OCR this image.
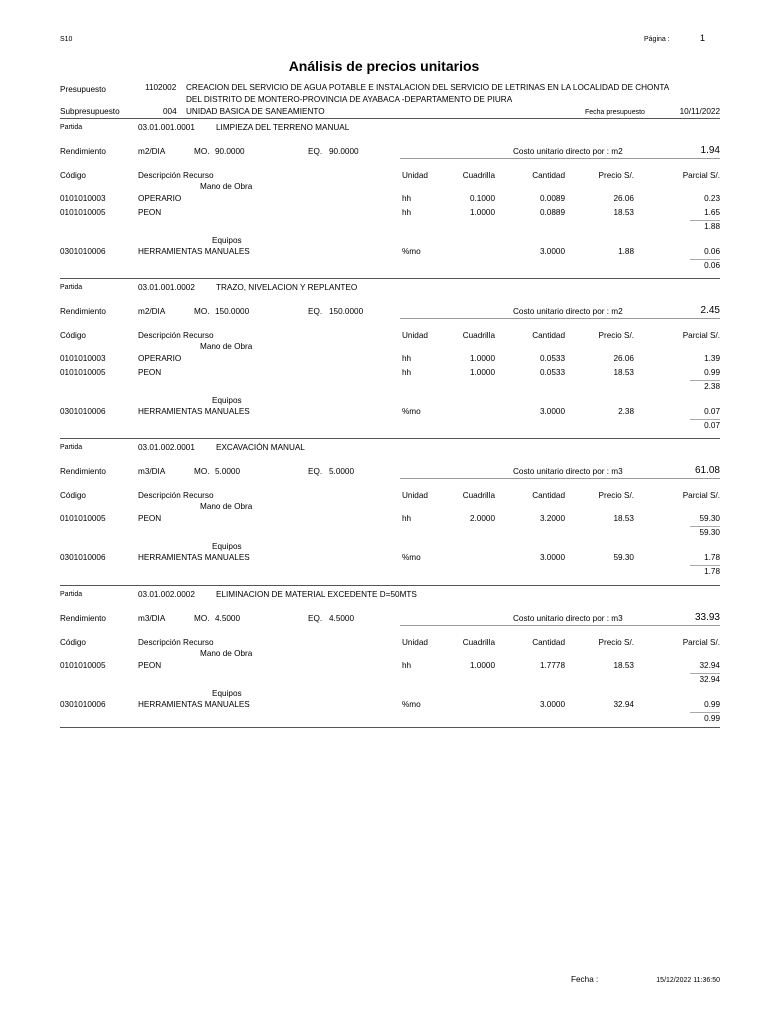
S10	Página :	1
Análisis de precios unitarios
Presupuesto	1102002 CREACION DEL SERVICIO DE AGUA POTABLE E INSTALACION DEL SERVICIO DE LETRINAS EN LA LOCALIDAD DE CHONTA
DEL DISTRITO DE MONTERO-PROVINCIA DE AYABACA -DEPARTAMENTO DE PIURA
Subpresupuesto	004 UNIDAD BASICA DE SANEAMIENTO	Fecha presupuesto	10/11/2022
Partida	03.01.001.0001	LIMPIEZA DEL TERRENO MANUAL
Rendimiento	m2/DIA	MO. 90.0000	EQ. 90.0000	Costo unitario directo por : m2	1.94
Código	Descripción Recurso	Unidad	Cuadrilla	Cantidad	Precio S/.	Parcial S/.
Mano de Obra
0101010003	OPERARIO	hh	0.1000	0.0089	26.06	0.23
0101010005	PEON	hh	1.0000	0.0889	18.53	1.65
1.88
Equipos
0301010006	HERRAMIENTAS MANUALES	%mo	3.0000	1.88	0.06
0.06
Partida	03.01.001.0002	TRAZO, NIVELACION Y REPLANTEO
Rendimiento	m2/DIA	MO. 150.0000	EQ. 150.0000	Costo unitario directo por : m2	2.45
Código	Descripción Recurso	Unidad	Cuadrilla	Cantidad	Precio S/.	Parcial S/.
Mano de Obra
0101010003	OPERARIO	hh	1.0000	0.0533	26.06	1.39
0101010005	PEON	hh	1.0000	0.0533	18.53	0.99
2.38
Equipos
0301010006	HERRAMIENTAS MANUALES	%mo	3.0000	2.38	0.07
0.07
Partida	03.01.002.0001	EXCAVACIÓN MANUAL
Rendimiento	m3/DIA	MO. 5.0000	EQ. 5.0000	Costo unitario directo por : m3	61.08
Código	Descripción Recurso	Unidad	Cuadrilla	Cantidad	Precio S/.	Parcial S/.
Mano de Obra
0101010005	PEON	hh	2.0000	3.2000	18.53	59.30
59.30
Equipos
0301010006	HERRAMIENTAS MANUALES	%mo	3.0000	59.30	1.78
1.78
Partida	03.01.002.0002	ELIMINACION DE MATERIAL EXCEDENTE D=50MTS
Rendimiento	m3/DIA	MO. 4.5000	EQ. 4.5000	Costo unitario directo por : m3	33.93
Código	Descripción Recurso	Unidad	Cuadrilla	Cantidad	Precio S/.	Parcial S/.
Mano de Obra
0101010005	PEON	hh	1.0000	1.7778	18.53	32.94
32.94
Equipos
0301010006	HERRAMIENTAS MANUALES	%mo	3.0000	32.94	0.99
0.99
Fecha :	15/12/2022 11:36:50
